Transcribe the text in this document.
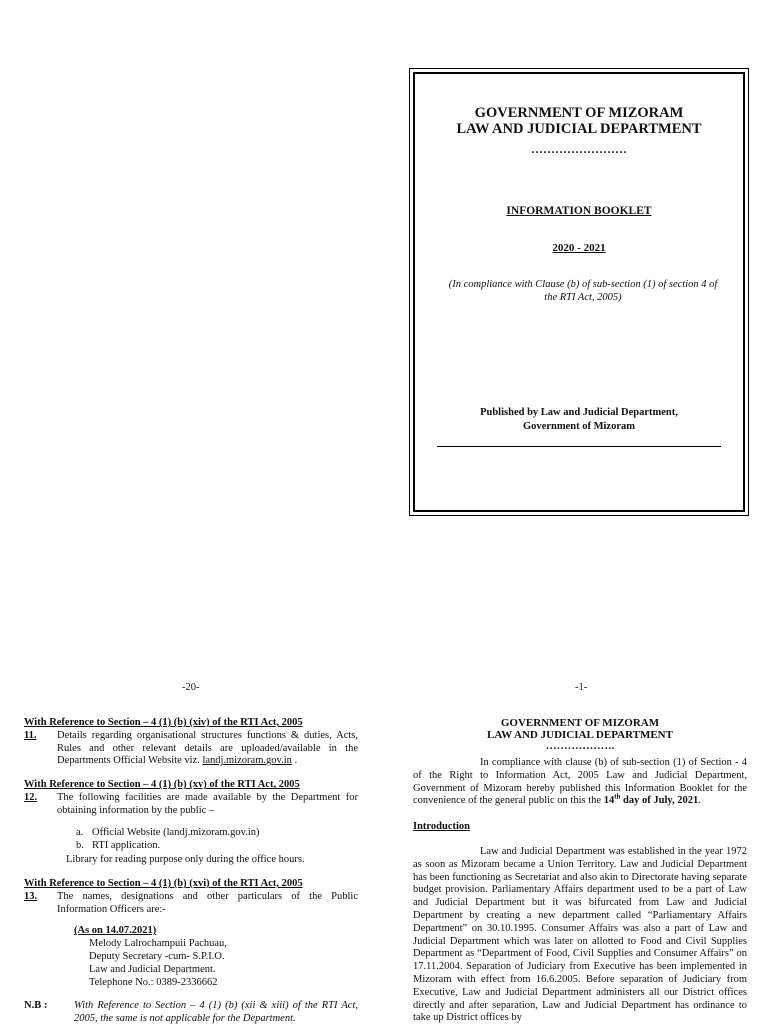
GOVERNMENT OF MIZORAM
LAW AND JUDICIAL DEPARTMENT
……………………
INFORMATION BOOKLET
2020 - 2021
(In compliance with Clause (b) of sub-section (1) of section 4 of the RTI Act, 2005)
Published by Law and Judicial Department,
Government of Mizoram
-20-	-1-
With Reference to Section – 4 (1) (b) (xiv) of the RTI Act, 2005
11.	Details regarding organisational structures functions & duties, Acts, Rules and other relevant details are uploaded/available in the Departments Official Website viz. landj.mizoram.gov.in .
With Reference to Section – 4 (1) (b) (xv) of the RTI Act, 2005
12.	The following facilities are made available by the Department for obtaining information by the public –
a. Official Website (landj.mizoram.gov.in)
b. RTI application.
Library for reading purpose only during the office hours.
With Reference to Section – 4 (1) (b) (xvi) of the RTI Act, 2005
13.	The names, designations and other particulars of the Public Information Officers are:-
(As on 14.07.2021)
Melody Lalrochampuii Pachuau,
Deputy Secretary -cum- S.P.I.O.
Law and Judicial Department.
Telephone No.: 0389-2336662
N.B :	With Reference to Section – 4 (1) (b) (xii & xiii) of the RTI Act, 2005, the same is not applicable for the Department.
GOVERNMENT OF MIZORAM
LAW AND JUDICIAL DEPARTMENT
……………….
In compliance with clause (b) of sub-section (1) of Section - 4 of the Right to Information Act, 2005 Law and Judicial Department, Government of Mizoram hereby published this Information Booklet for the convenience of the general public on this the 14th day of July, 2021.
Introduction
Law and Judicial Department was established in the year 1972 as soon as Mizoram became a Union Territory. Law and Judicial Department has been functioning as Secretariat and also akin to Directorate having separate budget provision. Parliamentary Affairs department used to be a part of Law and Judicial Department but it was bifurcated from Law and Judicial Department by creating a new department called “Parliamentary Affairs Department” on 30.10.1995. Consumer Affairs was also a part of Law and Judicial Department which was later on allotted to Food and Civil Supplies Department as “Department of Food, Civil Supplies and Consumer Affairs” on 17.11.2004. Separation of Judiciary from Executive has been implemented in Mizoram with effect from 16.6.2005. Before separation of Judiciary from Executive, Law and Judicial Department administers all our District offices directly and after separation, Law and Judicial Department has ordinance to take up District offices by
